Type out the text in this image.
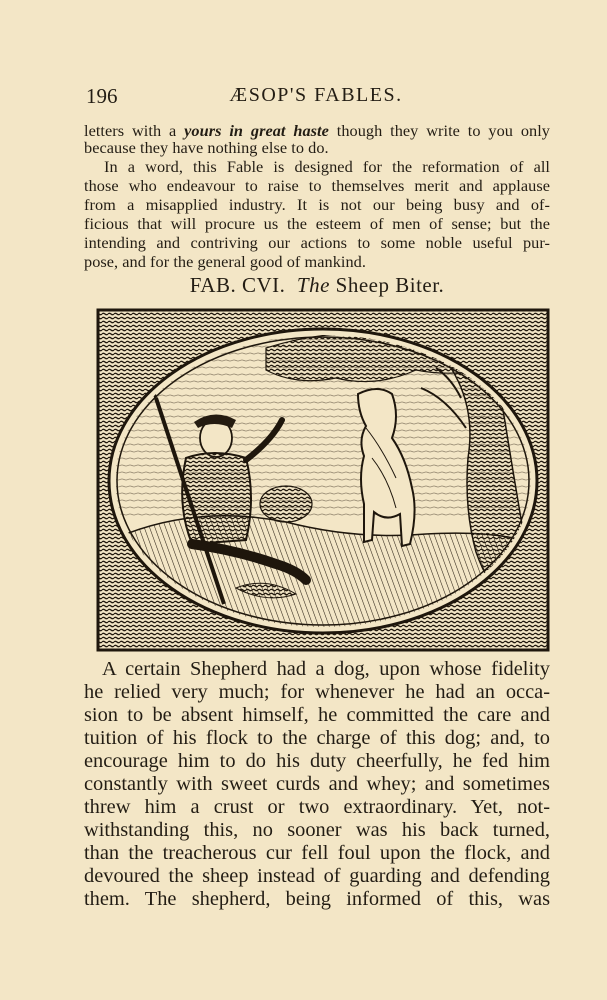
196	ÆSOP'S FABLES.
letters with a yours in great haste though they write to you only
because they have nothing else to do.
In a word, this Fable is designed for the reformation of all
those who endeavour to raise to themselves merit and applause
from a misapplied industry. It is not our being busy and of-
ficious that will procure us the esteem of men of sense; but the
intending and contriving our actions to some noble useful pur-
pose, and for the general good of mankind.
FAB. CVI. The Sheep Biter.
A certain Shepherd had a dog, upon whose fidelity
he relied very much; for whenever he had an occa-
sion to be absent himself, he committed the care and
tuition of his flock to the charge of this dog; and, to
encourage him to do his duty cheerfully, he fed him
constantly with sweet curds and whey; and sometimes
threw him a crust or two extraordinary. Yet, not-
withstanding this, no sooner was his back turned,
than the treacherous cur fell foul upon the flock, and
devoured the sheep instead of guarding and defending
them. The shepherd, being informed of this, was
